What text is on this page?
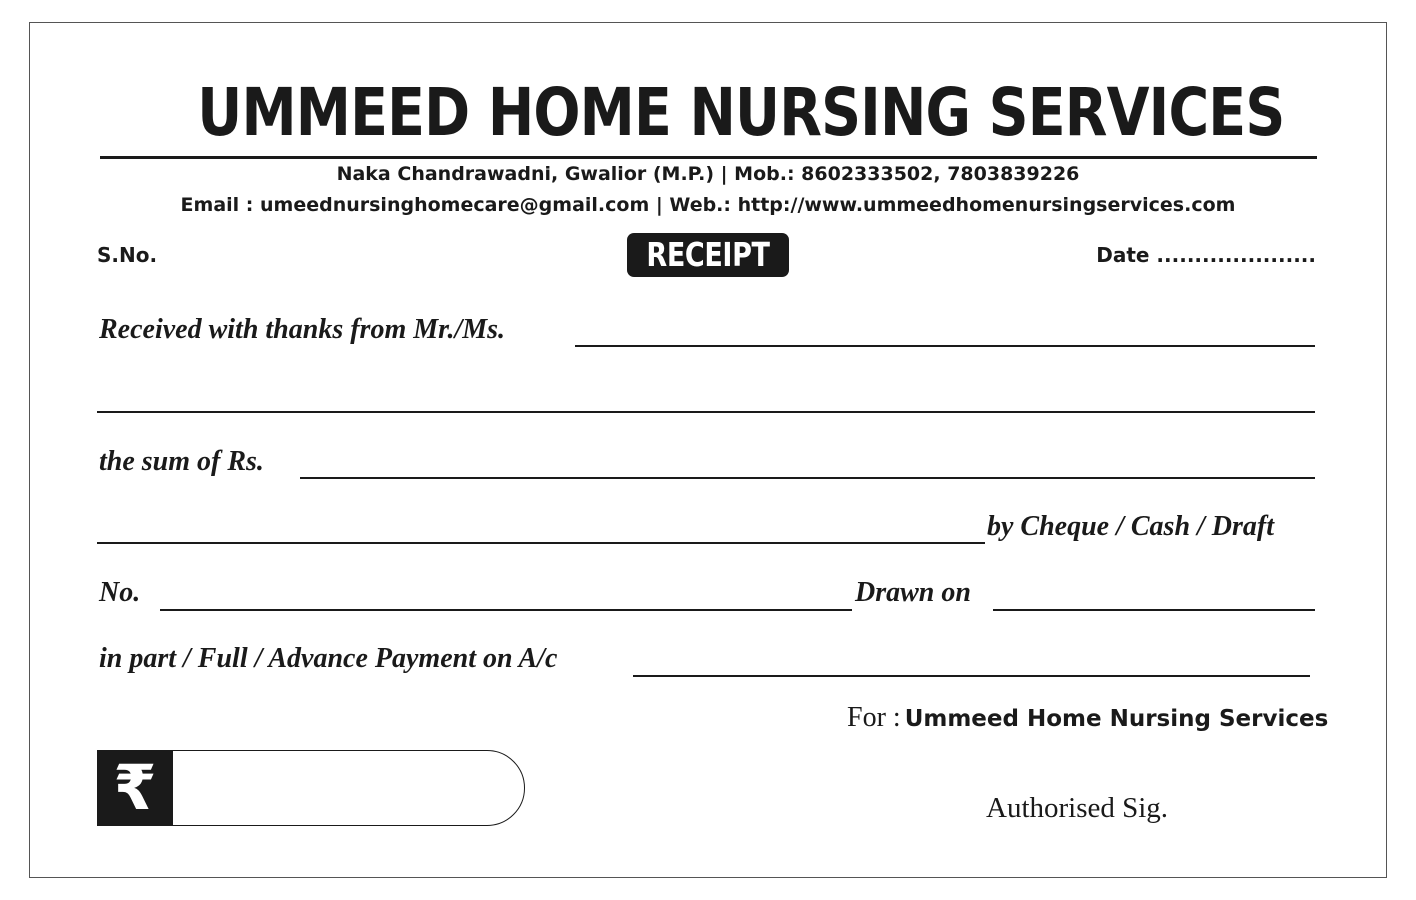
UMMEED HOME NURSING SERVICES
Naka Chandrawadni, Gwalior (M.P.) | Mob.: 8602333502, 7803839226
Email : umeednursinghomecare@gmail.com | Web.: http://www.ummeedhomenursingservices.com
S.No.	RECEIPT	Date .....................
Received with thanks from Mr./Ms.
the sum of Rs.
by Cheque / Cash / Draft
No.	Drawn on
in part / Full / Advance Payment on A/c
For : Ummeed Home Nursing Services
₹	Authorised Sig.
